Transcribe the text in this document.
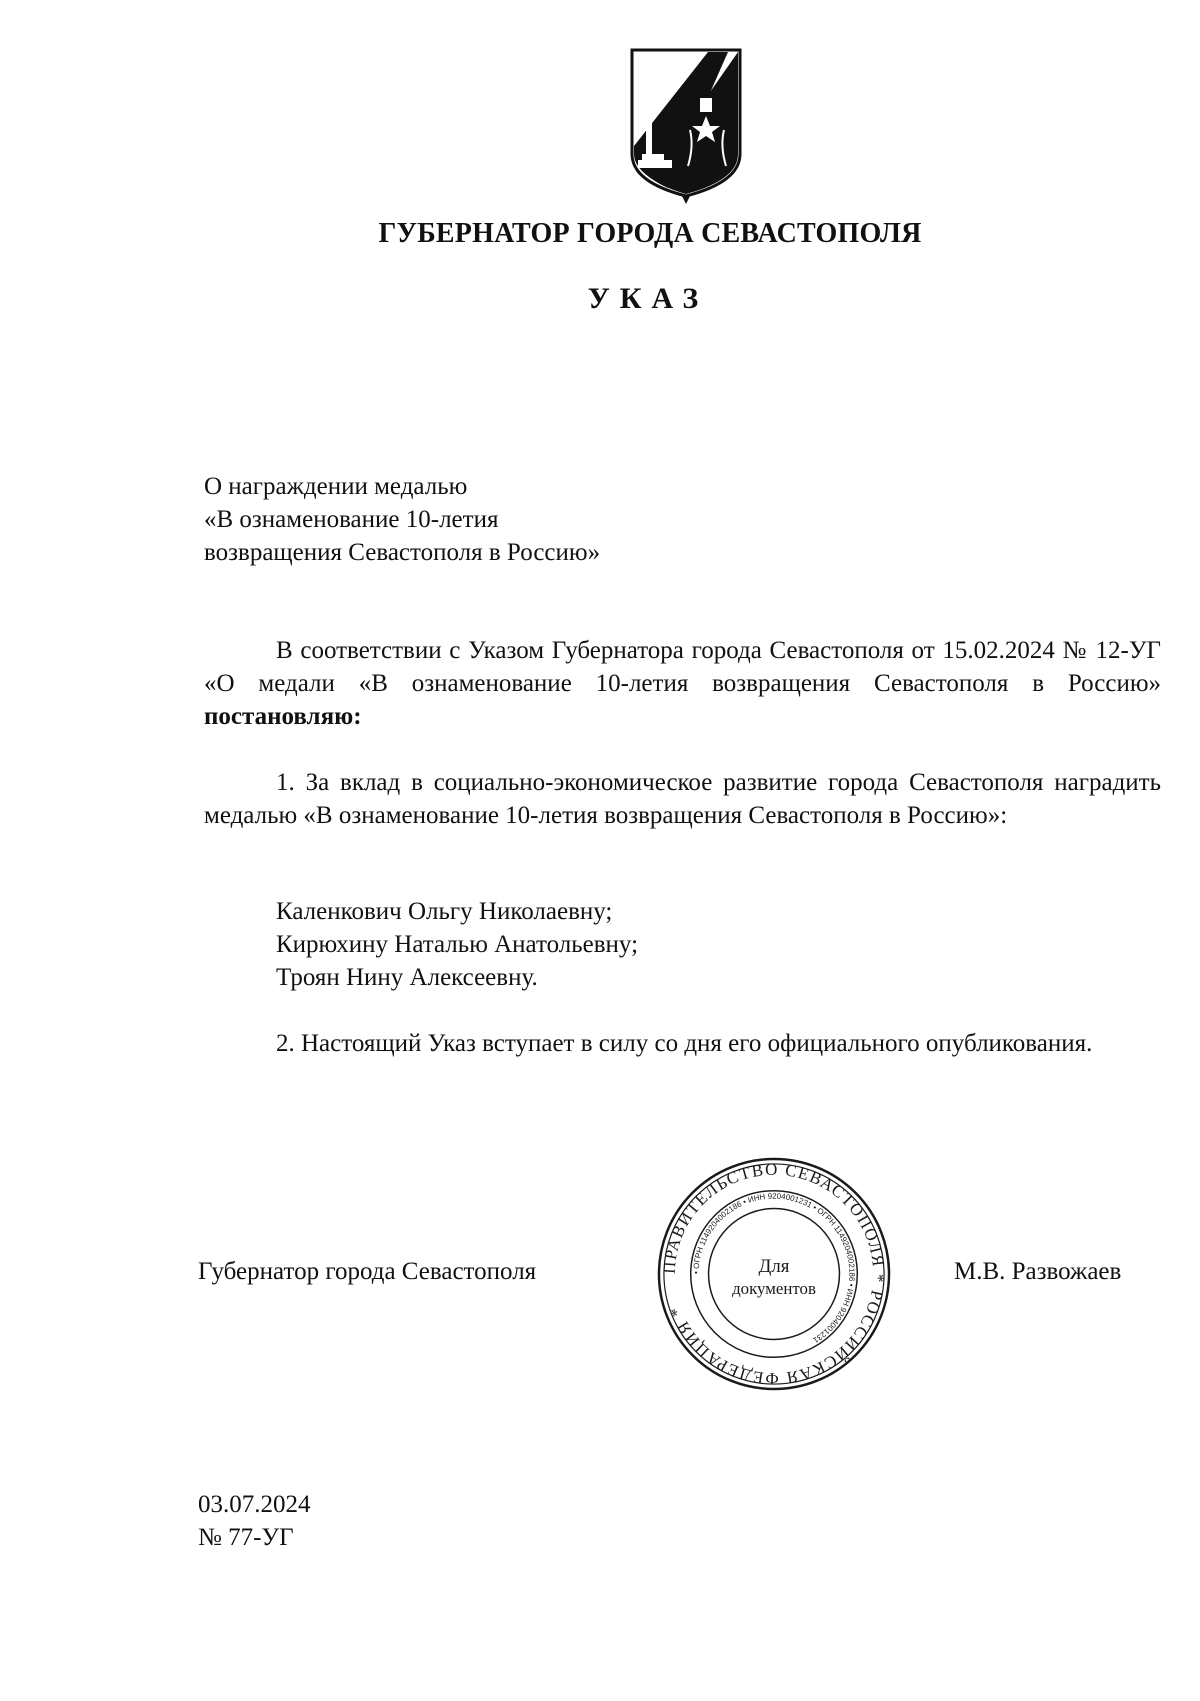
ГУБЕРНАТОР ГОРОДА СЕВАСТОПОЛЯ
УКАЗ
О награждении медалью
«В ознаменование 10-летия
возвращения Севастополя в Россию»
В соответствии с Указом Губернатора города Севастополя от 15.02.2024 № 12-УГ «О медали «В ознаменование 10-летия возвращения Севастополя в Россию» постановляю:
1. За вклад в социально-экономическое развитие города Севастополя наградить медалью «В ознаменование 10-летия возвращения Севастополя в Россию»:
Каленкович Ольгу Николаевну;
Кирюхину Наталью Анатольевну;
Троян Нину Алексеевну.
2. Настоящий Указ вступает в силу со дня его официального опубликования.
Губернатор города Севастополя	ПРАВИТЕЛЬСТВО СЕВАСТОПОЛЯ * РОССИЙСКАЯ ФЕДЕРАЦИЯ *
• ОГРН 1149204002186 • ИНН 9204001231 • ОГРН 1149204002186 • ИНН 9204001231
Для
документов
М.В. Развожаев
03.07.2024
№ 77-УГ
